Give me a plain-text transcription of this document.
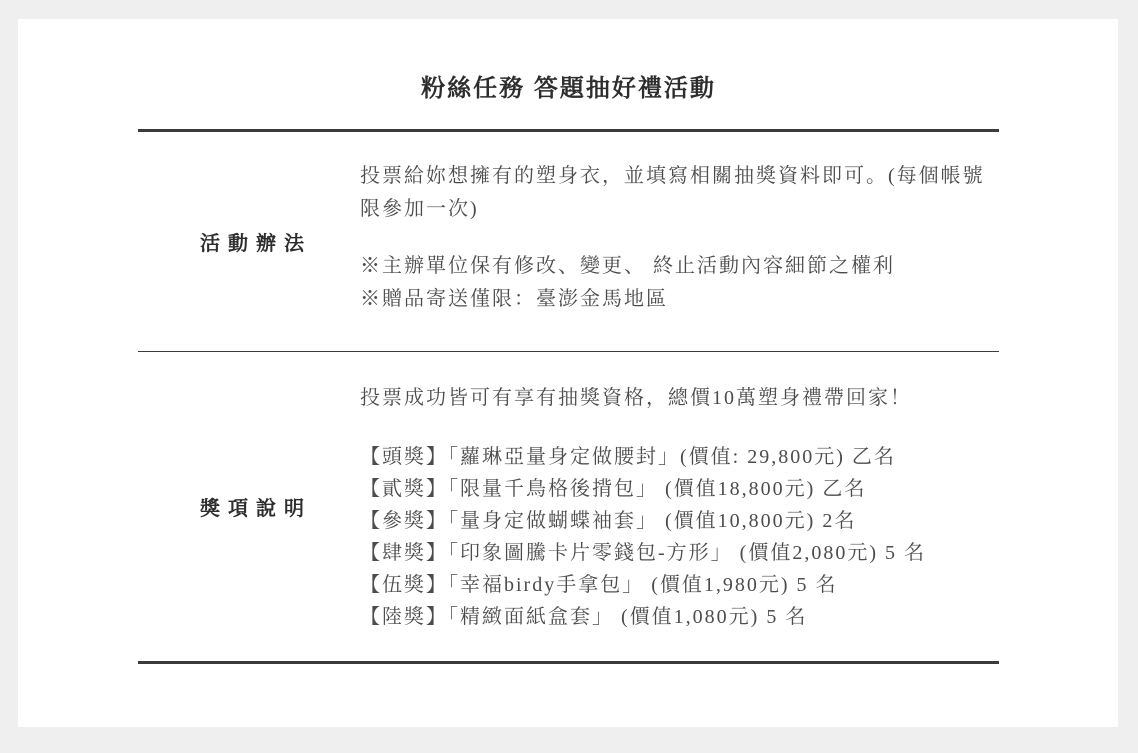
粉絲任務 答題抽好禮活動
活動辦法
投票給妳想擁有的塑身衣，並填寫相關抽獎資料即可。(每個帳號限參加一次)
※主辦單位保有修改、變更、 終止活動內容細節之權利
※贈品寄送僅限：臺澎金馬地區
獎項說明
投票成功皆可有享有抽獎資格，總價10萬塑身禮帶回家！
【頭獎】「蘿琳亞量身定做腰封」(價值: 29,800元) 乙名
【貳獎】「限量千鳥格後揹包」 (價值18,800元) 乙名
【參獎】「量身定做蝴蝶袖套」 (價值10,800元) 2名
【肆獎】「印象圖騰卡片零錢包-方形」 (價值2,080元) 5 名
【伍獎】「幸福birdy手拿包」 (價值1,980元) 5 名
【陸獎】「精緻面紙盒套」 (價值1,080元) 5 名
